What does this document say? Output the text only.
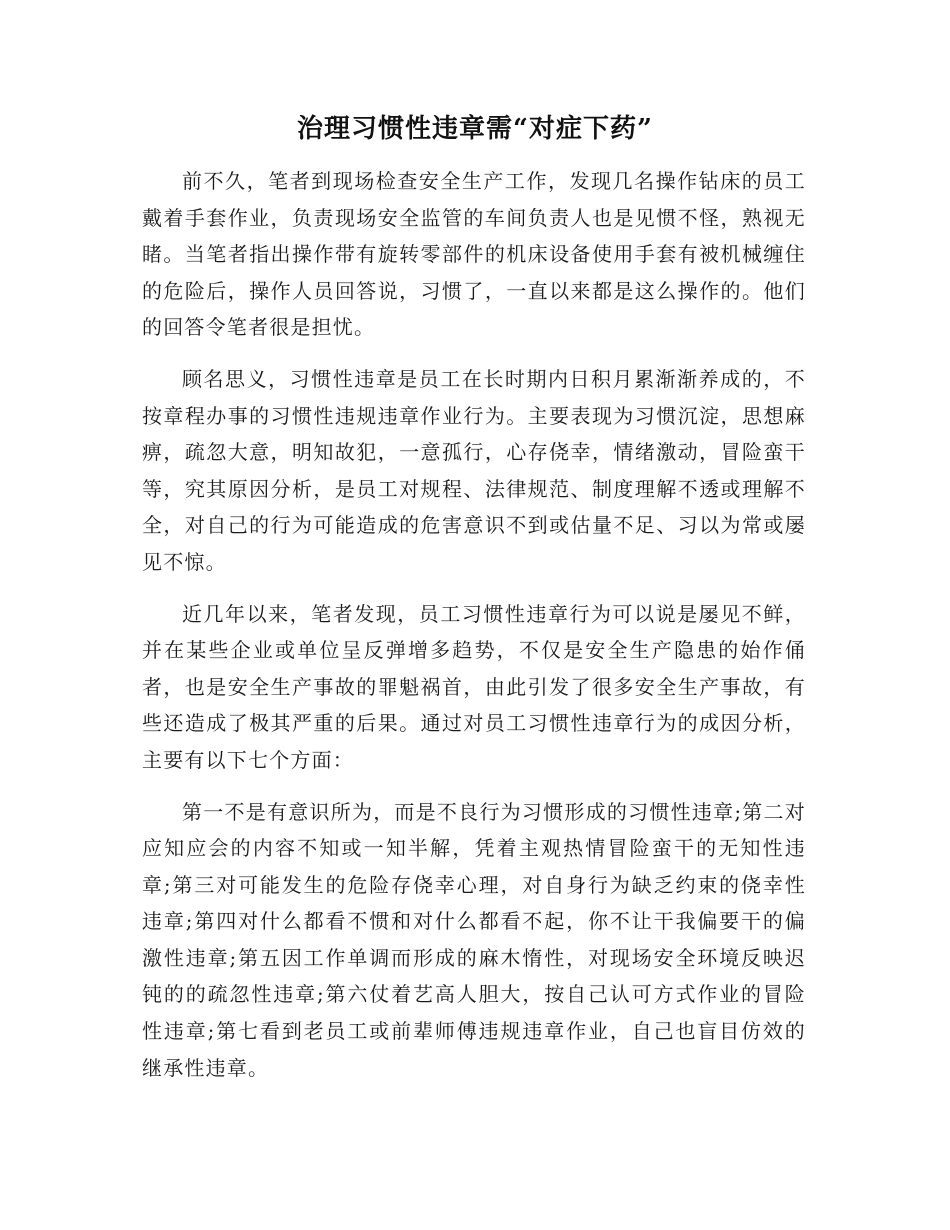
治理习惯性违章需“对症下药”

前不久，笔者到现场检查安全生产工作，发现几名操作钻床的员工戴着手套作业，负责现场安全监管的车间负责人也是见惯不怪，熟视无睹。当笔者指出操作带有旋转零部件的机床设备使用手套有被机械缠住的危险后，操作人员回答说，习惯了，一直以来都是这么操作的。他们的回答令笔者很是担忧。

顾名思义，习惯性违章是员工在长时期内日积月累渐渐养成的，不按章程办事的习惯性违规违章作业行为。主要表现为习惯沉淀，思想麻痹，疏忽大意，明知故犯，一意孤行，心存侥幸，情绪激动，冒险蛮干等，究其原因分析，是员工对规程、法律规范、制度理解不透或理解不全，对自己的行为可能造成的危害意识不到或估量不足、习以为常或屡见不惊。

近几年以来，笔者发现，员工习惯性违章行为可以说是屡见不鲜，并在某些企业或单位呈反弹增多趋势，不仅是安全生产隐患的始作俑者，也是安全生产事故的罪魁祸首，由此引发了很多安全生产事故，有些还造成了极其严重的后果。通过对员工习惯性违章行为的成因分析，主要有以下七个方面：

第一不是有意识所为，而是不良行为习惯形成的习惯性违章;第二对应知应会的内容不知或一知半解，凭着主观热情冒险蛮干的无知性违章;第三对可能发生的危险存侥幸心理，对自身行为缺乏约束的侥幸性违章;第四对什么都看不惯和对什么都看不起，你不让干我偏要干的偏激性违章;第五因工作单调而形成的麻木惰性，对现场安全环境反映迟钝的的疏忽性违章;第六仗着艺高人胆大，按自己认可方式作业的冒险性违章;第七看到老员工或前辈师傅违规违章作业，自己也盲目仿效的继承性违章。
